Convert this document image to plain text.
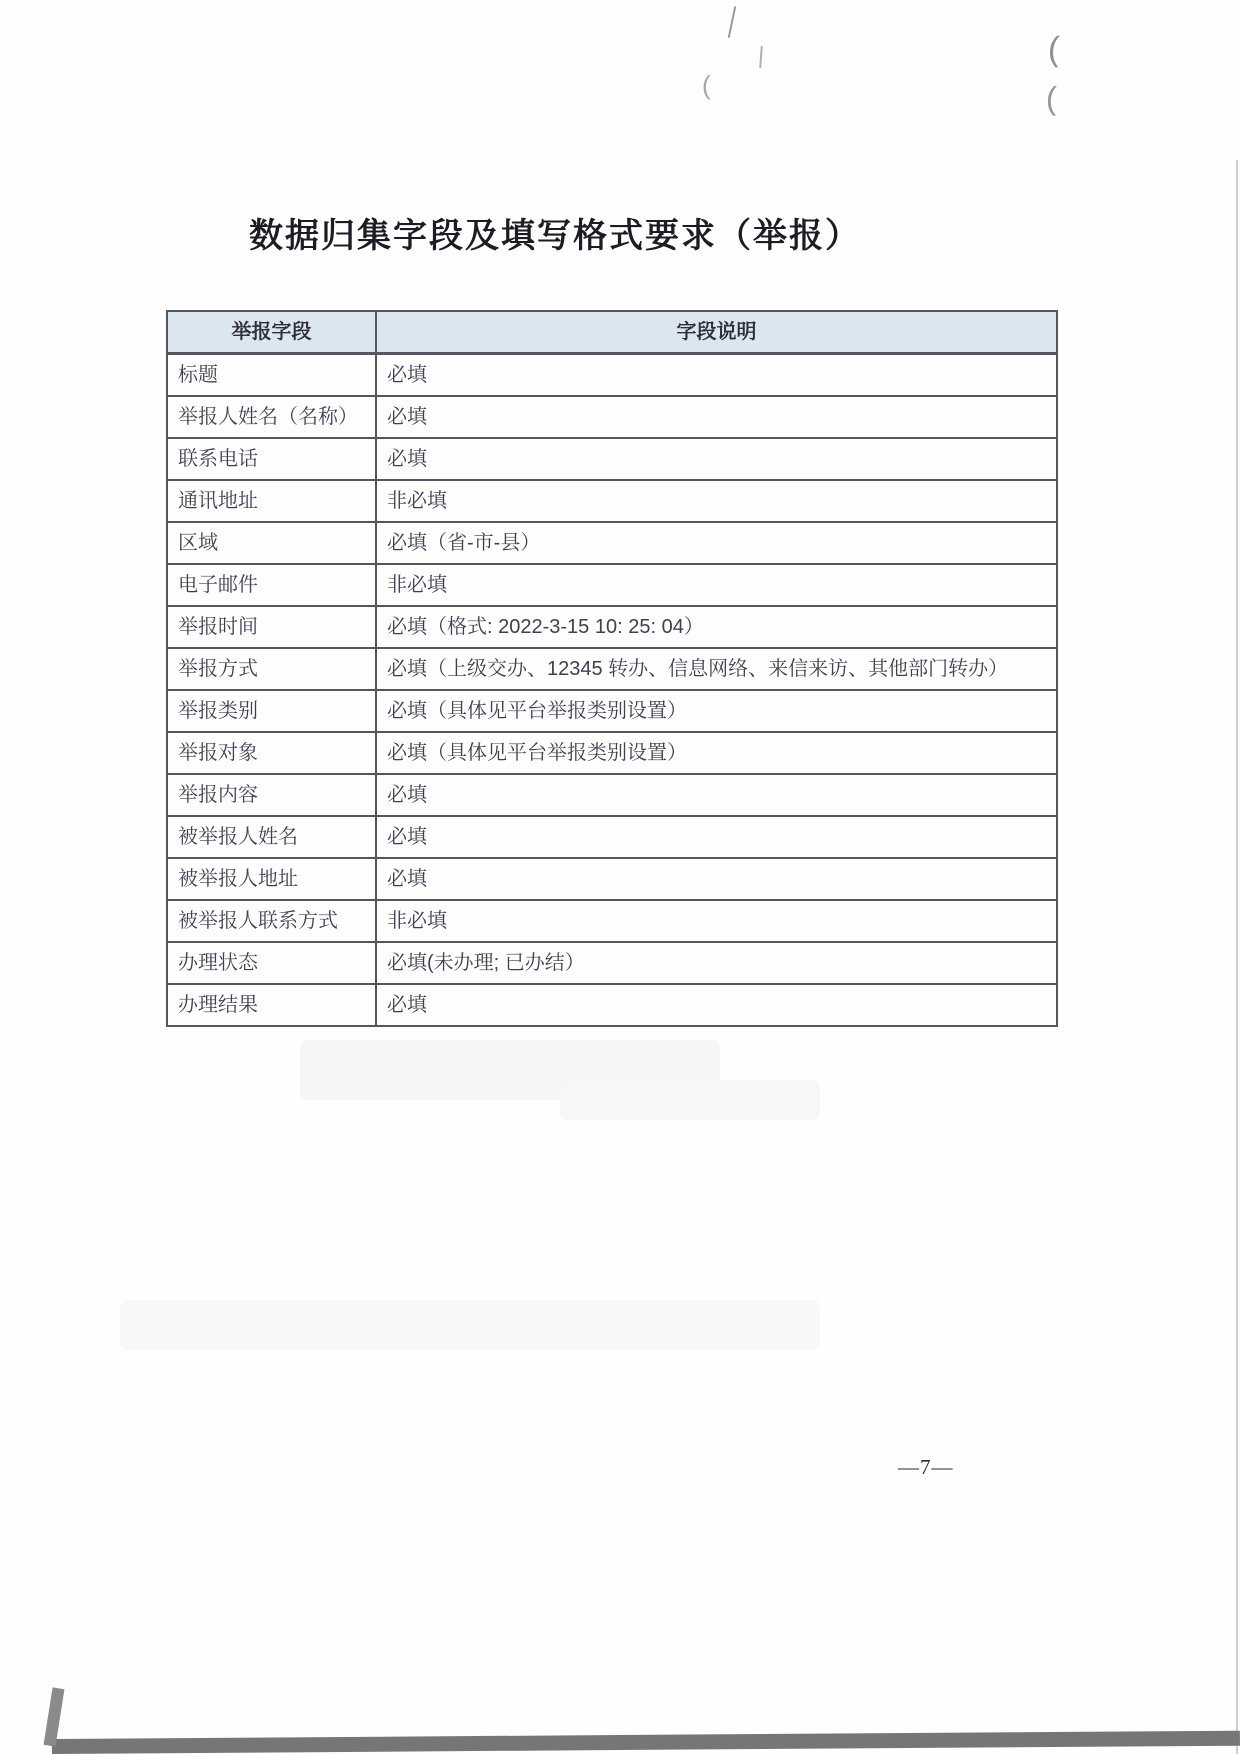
(
(
(
数据归集字段及填写格式要求（举报）
举报字段	字段说明
标题	必填
举报人姓名（名称）	必填
联系电话	必填
通讯地址	非必填
区域	必填（省-市-县）
电子邮件	非必填
举报时间	必填（格式: 2022-3-15 10: 25: 04）
举报方式	必填（上级交办、12345 转办、信息网络、来信来访、其他部门转办）
举报类别	必填（具体见平台举报类别设置）
举报对象	必填（具体见平台举报类别设置）
举报内容	必填
被举报人姓名	必填
被举报人地址	必填
被举报人联系方式	非必填
办理状态	必填(未办理; 已办结）
办理结果	必填
—7—
